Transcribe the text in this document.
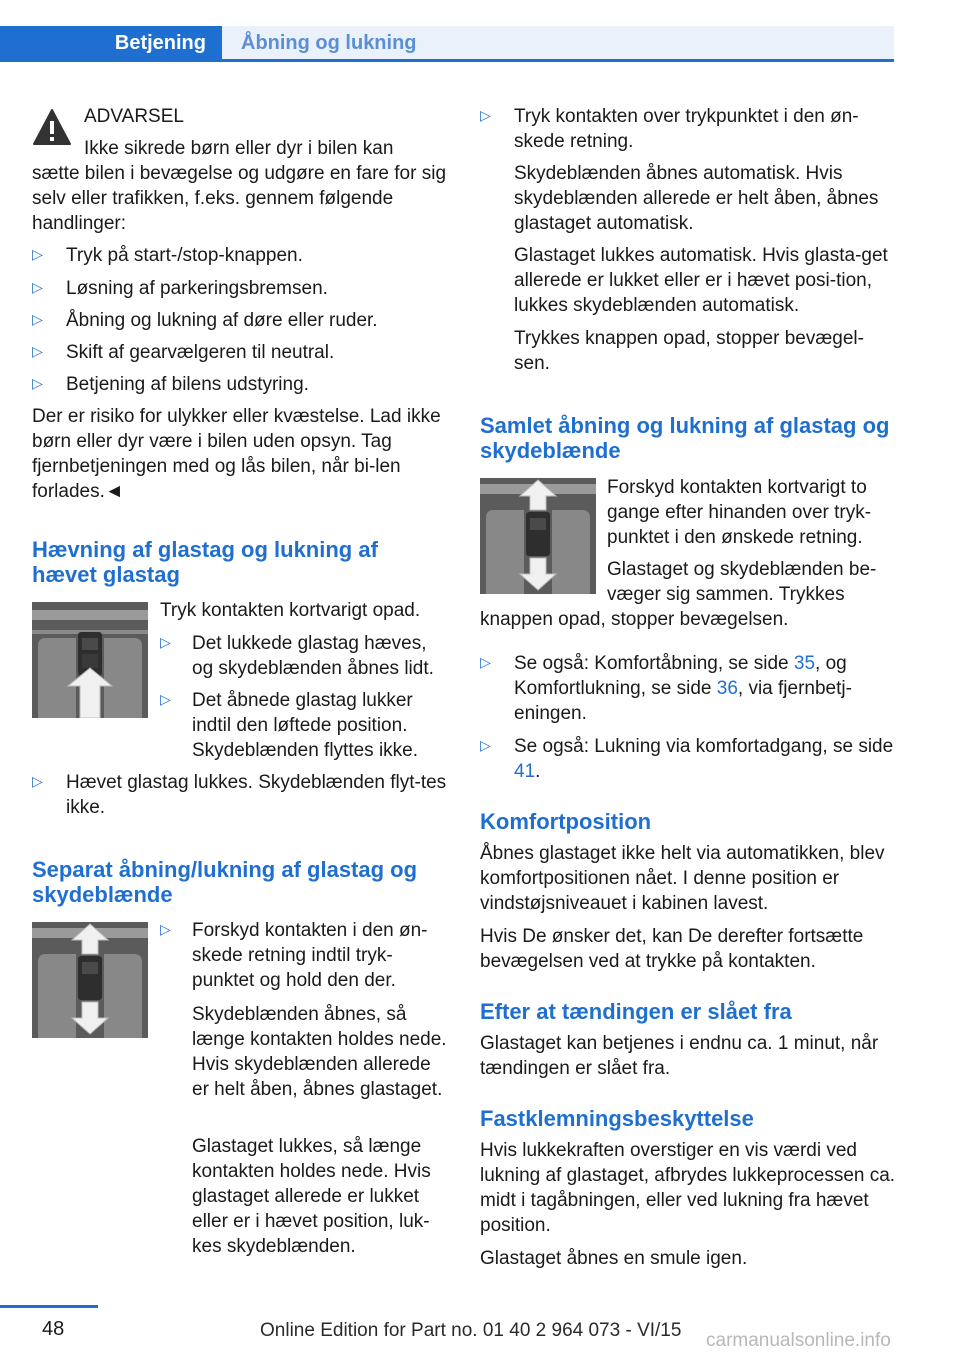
Betjening	Åbning og lukning

ADVARSEL

Ikke sikrede børn eller dyr i bilen kan

sætte bilen i bevægelse og udgøre en fare for sig selv eller trafikken, f.eks. gennem følgende handlinger:

▷ Tryk på start-/stop-knappen.

▷ Løsning af parkeringsbremsen.

▷ Åbning og lukning af døre eller ruder.

▷ Skift af gearvælgeren til neutral.

▷ Betjening af bilens udstyring.

Der er risiko for ulykker eller kvæstelse. Lad ikke børn eller dyr være i bilen uden opsyn. Tag fjernbetjeningen med og lås bilen, når bi-len forlades.◄

Hævning af glastag og lukning af hævet glastag

Tryk kontakten kortvarigt opad.

▷ Det lukkede glastag hæves, og skydeblænden åbnes lidt.

▷ Det åbnede glastag lukker indtil den løftede position. Skydeblænden flyttes ikke.

▷ Hævet glastag lukkes. Skydeblænden flyt-tes ikke.

Separat åbning/lukning af glastag og skydeblænde
▷ Forskyd kontakten i den øn-skede retning indtil tryk-punktet og hold den der.

Skydeblænden åbnes, så længe kontakten holdes nede. Hvis skydeblænden allerede er helt åben, åbnes glastaget.

Glastaget lukkes, så længe kontakten holdes nede. Hvis glastaget allerede er lukket eller er i hævet position, luk-kes skydeblænden.

▷ Tryk kontakten over trykpunktet i den øn-skede retning.

Skydeblænden åbnes automatisk. Hvis skydeblænden allerede er helt åben, åbnes glastaget automatisk.

Glastaget lukkes automatisk. Hvis glasta-get allerede er lukket eller er i hævet posi-tion, lukkes skydeblænden automatisk.

Trykkes knappen opad, stopper bevægel-sen.

Samlet åbning og lukning af glastag og skydeblænde

Forskyd kontakten kortvarigt to gange efter hinanden over tryk-punktet i den ønskede retning.

Glastaget og skydeblænden be-væger sig sammen. Trykkes

knappen opad, stopper bevægelsen.

▷ Se også: Komfortåbning, se side 35, og Komfortlukning, se side 36, via fjernbetj-eningen.

▷ Se også: Lukning via komfortadgang, se side 41.

Komfortposition

Åbnes glastaget ikke helt via automatikken, blev komfortpositionen nået. I denne position er vindstøjsniveauet i kabinen lavest.

Hvis De ønsker det, kan De derefter fortsætte bevægelsen ved at trykke på kontakten.

Efter at tændingen er slået fra

Glastaget kan betjenes i endnu ca. 1 minut, når tændingen er slået fra.

Fastklemningsbeskyttelse

Hvis lukkekraften overstiger en vis værdi ved lukning af glastaget, afbrydes lukkeprocessen ca. midt i tagåbningen, eller ved lukning fra hævet position.

Glastaget åbnes en smule igen.

48	Online Edition for Part no. 01 40 2 964 073 - VI/15 carmanualsonline.info
